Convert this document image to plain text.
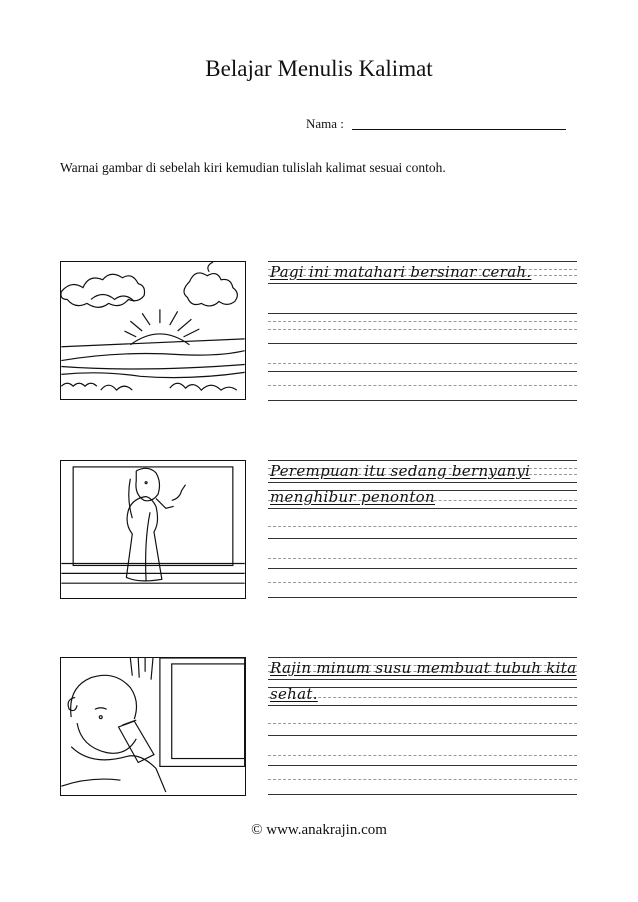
Belajar Menulis Kalimat
Nama :
Warnai gambar di sebelah kiri kemudian tulislah kalimat sesuai contoh.
Pagi ini matahari bersinar cerah.
Perempuan itu sedang bernyanyi
menghibur penonton
Rajin minum susu membuat tubuh kita
sehat.
© www.anakrajin.com
